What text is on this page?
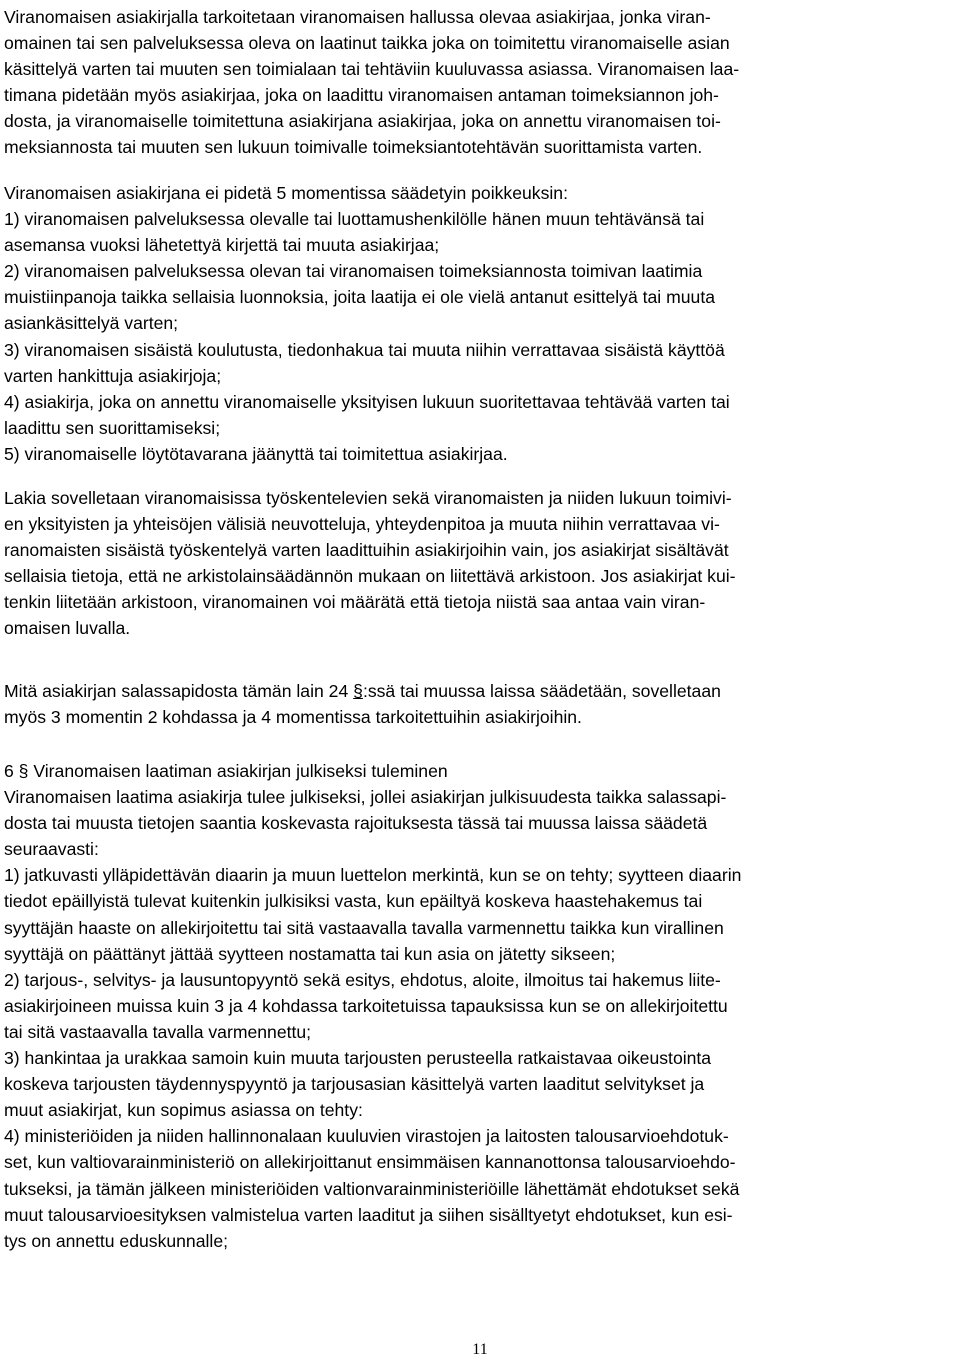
Viranomaisen asiakirjalla tarkoitetaan viranomaisen hallussa olevaa asiakirjaa, jonka viran-
omainen tai sen palveluksessa oleva on laatinut taikka joka on toimitettu viranomaiselle asian
käsittelyä varten tai muuten sen toimialaan tai tehtäviin kuuluvassa asiassa. Viranomaisen laa-
timana pidetään myös asiakirjaa, joka on laadittu viranomaisen antaman toimeksiannon joh-
dosta, ja viranomaiselle toimitettuna asiakirjana asiakirjaa, joka on annettu viranomaisen toi-
meksiannosta tai muuten sen lukuun toimivalle toimeksiantotehtävän suorittamista varten.
Viranomaisen asiakirjana ei pidetä 5 momentissa säädetyin poikkeuksin:
1) viranomaisen palveluksessa olevalle tai luottamushenkilölle hänen muun tehtävänsä tai
asemansa vuoksi lähetettyä kirjettä tai muuta asiakirjaa;
2) viranomaisen palveluksessa olevan tai viranomaisen toimeksiannosta toimivan laatimia
muistiinpanoja taikka sellaisia luonnoksia, joita laatija ei ole vielä antanut esittelyä tai muuta
asiankäsittelyä varten;
3) viranomaisen sisäistä koulutusta, tiedonhakua tai muuta niihin verrattavaa sisäistä käyttöä
varten hankittuja asiakirjoja;
4) asiakirja, joka on annettu viranomaiselle yksityisen lukuun suoritettavaa tehtävää varten tai
laadittu sen suorittamiseksi;
5) viranomaiselle löytötavarana jäänyttä tai toimitettua asiakirjaa.
Lakia sovelletaan viranomaisissa työskentelevien sekä viranomaisten ja niiden lukuun toimivi-
en yksityisten ja yhteisöjen välisiä neuvotteluja, yhteydenpitoa ja muuta niihin verrattavaa vi-
ranomaisten sisäistä työskentelyä varten laadittuihin asiakirjoihin vain, jos asiakirjat sisältävät
sellaisia tietoja, että ne arkistolainsäädännön mukaan on liitettävä arkistoon. Jos asiakirjat kui-
tenkin liitetään arkistoon, viranomainen voi määrätä että tietoja niistä saa antaa vain viran-
omaisen luvalla.
Mitä asiakirjan salassapidosta tämän lain 24 §:ssä tai muussa laissa säädetään, sovelletaan
myös 3 momentin 2 kohdassa ja 4 momentissa tarkoitettuihin asiakirjoihin.
6 § Viranomaisen laatiman asiakirjan julkiseksi tuleminen
Viranomaisen laatima asiakirja tulee julkiseksi, jollei asiakirjan julkisuudesta taikka salassapi-
dosta tai muusta tietojen saantia koskevasta rajoituksesta tässä tai muussa laissa säädetä
seuraavasti:
1) jatkuvasti ylläpidettävän diaarin ja muun luettelon merkintä, kun se on tehty; syytteen diaarin
tiedot epäillyistä tulevat kuitenkin julkisiksi vasta, kun epäiltyä koskeva haastehakemus tai
syyttäjän haaste on allekirjoitettu tai sitä vastaavalla tavalla varmennettu taikka kun virallinen
syyttäjä on päättänyt jättää syytteen nostamatta tai kun asia on jätetty sikseen;
2) tarjous-, selvitys- ja lausuntopyyntö sekä esitys, ehdotus, aloite, ilmoitus tai hakemus liite-
asiakirjoineen muissa kuin 3 ja 4 kohdassa tarkoitetuissa tapauksissa kun se on allekirjoitettu
tai sitä vastaavalla tavalla varmennettu;
3) hankintaa ja urakkaa samoin kuin muuta tarjousten perusteella ratkaistavaa oikeustointa
koskeva tarjousten täydennyspyyntö ja tarjousasian käsittelyä varten laaditut selvitykset ja
muut asiakirjat, kun sopimus asiassa on tehty:
4) ministeriöiden ja niiden hallinnonalaan kuuluvien virastojen ja laitosten talousarvioehdotuk-
set, kun valtiovarainministeriö on allekirjoittanut ensimmäisen kannanottonsa talousarvioehdo-
tukseksi, ja tämän jälkeen ministeriöiden valtionvarainministeriöille lähettämät ehdotukset sekä
muut talousarvioesityksen valmistelua varten laaditut ja siihen sisälltyetyt ehdotukset, kun esi-
tys on annettu eduskunnalle;
11
